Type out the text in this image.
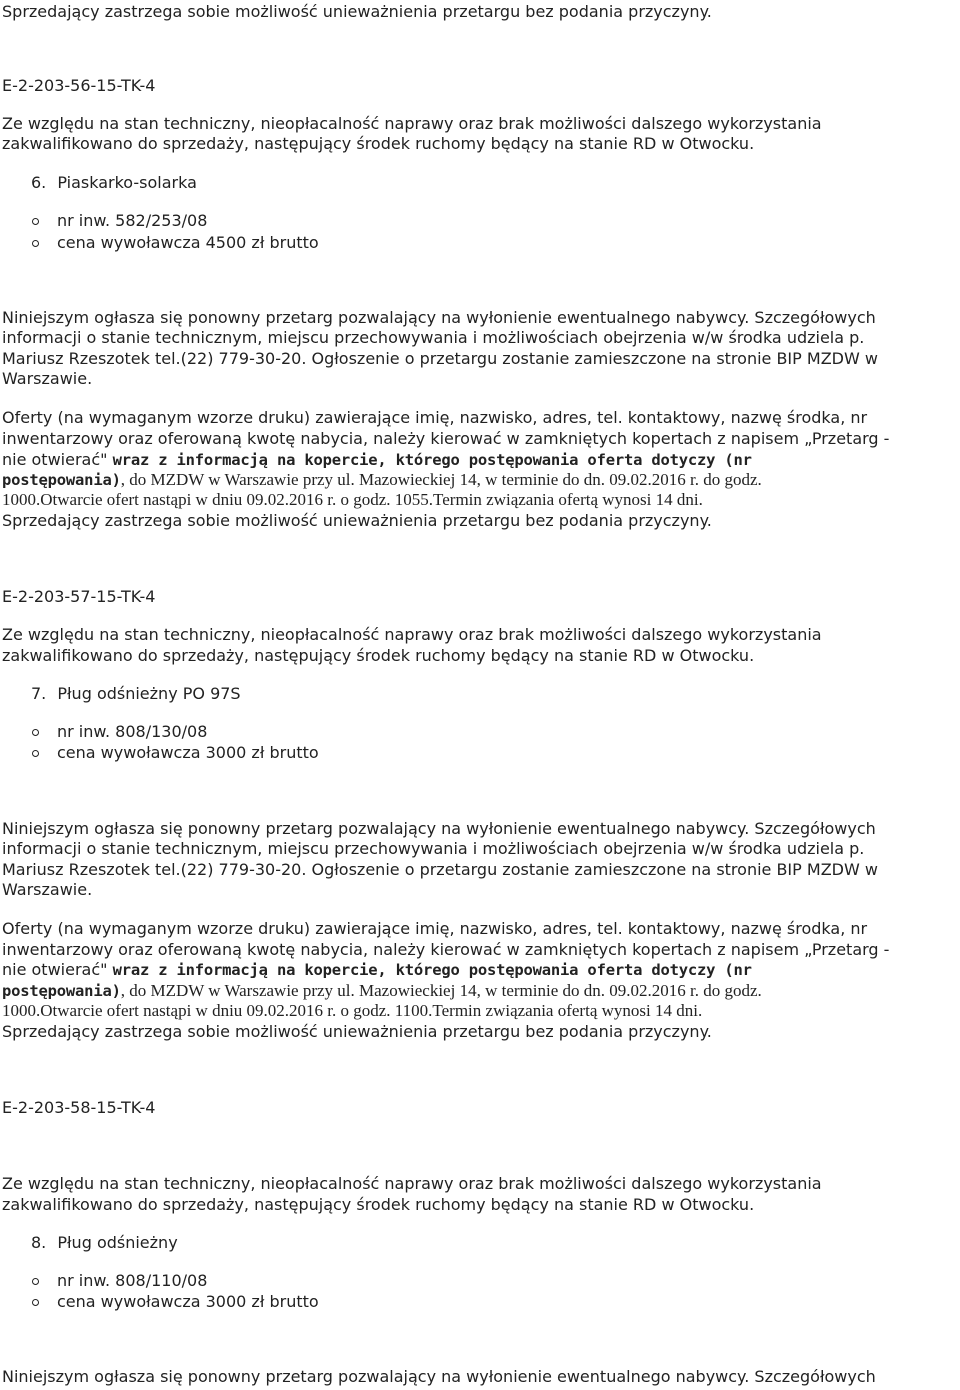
Sprzedający zastrzega sobie możliwość unieważnienia przetargu bez podania przyczyny.
E-2-203-56-15-TK-4
Ze względu na stan techniczny, nieopłacalność naprawy oraz brak możliwości dalszego wykorzystania
zakwalifikowano do sprzedaży, następujący środek ruchomy będący na stanie RD w Otwocku.
6. Piaskarko-solarka
nr inw. 582/253/08
cena wywoławcza 4500 zł brutto
Niniejszym ogłasza się ponowny przetarg pozwalający na wyłonienie ewentualnego nabywcy. Szczegółowych
informacji o stanie technicznym, miejscu przechowywania i możliwościach obejrzenia w/w środka udziela p.
Mariusz Rzeszotek tel.(22) 779-30-20. Ogłoszenie o przetargu zostanie zamieszczone na stronie BIP MZDW w
Warszawie.
Oferty (na wymaganym wzorze druku) zawierające imię, nazwisko, adres, tel. kontaktowy, nazwę środka, nr
inwentarzowy oraz oferowaną kwotę nabycia, należy kierować w zamkniętych kopertach z napisem „Przetarg -
nie otwierać" wraz z informacją na kopercie, którego postępowania oferta dotyczy (nr
postępowania), do MZDW w Warszawie przy ul. Mazowieckiej 14, w terminie do dn. 09.02.2016 r. do godz.
1000.Otwarcie ofert nastąpi w dniu 09.02.2016 r. o godz. 1055.Termin związania ofertą wynosi 14 dni.
Sprzedający zastrzega sobie możliwość unieważnienia przetargu bez podania przyczyny.
E-2-203-57-15-TK-4
Ze względu na stan techniczny, nieopłacalność naprawy oraz brak możliwości dalszego wykorzystania
zakwalifikowano do sprzedaży, następujący środek ruchomy będący na stanie RD w Otwocku.
7. Pług odśnieżny PO 97S
nr inw. 808/130/08
cena wywoławcza 3000 zł brutto
Niniejszym ogłasza się ponowny przetarg pozwalający na wyłonienie ewentualnego nabywcy. Szczegółowych
informacji o stanie technicznym, miejscu przechowywania i możliwościach obejrzenia w/w środka udziela p.
Mariusz Rzeszotek tel.(22) 779-30-20. Ogłoszenie o przetargu zostanie zamieszczone na stronie BIP MZDW w
Warszawie.
Oferty (na wymaganym wzorze druku) zawierające imię, nazwisko, adres, tel. kontaktowy, nazwę środka, nr
inwentarzowy oraz oferowaną kwotę nabycia, należy kierować w zamkniętych kopertach z napisem „Przetarg -
nie otwierać" wraz z informacją na kopercie, którego postępowania oferta dotyczy (nr
postępowania), do MZDW w Warszawie przy ul. Mazowieckiej 14, w terminie do dn. 09.02.2016 r. do godz.
1000.Otwarcie ofert nastąpi w dniu 09.02.2016 r. o godz. 1100.Termin związania ofertą wynosi 14 dni.
Sprzedający zastrzega sobie możliwość unieważnienia przetargu bez podania przyczyny.
E-2-203-58-15-TK-4
Ze względu na stan techniczny, nieopłacalność naprawy oraz brak możliwości dalszego wykorzystania
zakwalifikowano do sprzedaży, następujący środek ruchomy będący na stanie RD w Otwocku.
8. Pług odśnieżny
nr inw. 808/110/08
cena wywoławcza 3000 zł brutto
Niniejszym ogłasza się ponowny przetarg pozwalający na wyłonienie ewentualnego nabywcy. Szczegółowych
